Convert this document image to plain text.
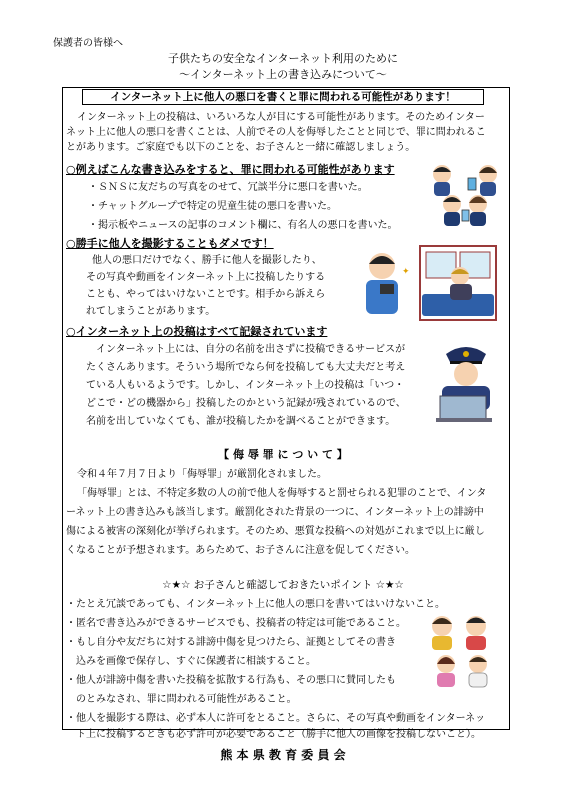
保護者の皆様へ
子供たちの安全なインターネット利用のために
～インターネット上の書き込みについて～
インターネット上に他人の悪口を書くと罪に問われる可能性があります！
インターネット上の投稿は、いろいろな人が目にする可能性があります。そのためインター
ネット上に他人の悪口を書くことは、人前でその人を侮辱したことと同じで、罪に問われるこ
とがあります。ご家庭でも以下のことを、お子さんと一緒に確認しましょう。
○例えばこんな書き込みをすると、罪に問われる可能性があります
・ＳＮＳに友だちの写真をのせて、冗談半分に悪口を書いた。
・チャットグループで特定の児童生徒の悪口を書いた。
・掲示板やニュースの記事のコメント欄に、有名人の悪口を書いた。
○勝手に他人を撮影することもダメです！
他人の悪口だけでなく、勝手に他人を撮影したり、
その写真や動画をインターネット上に投稿したりする
ことも、やってはいけないことです。相手から訴えら
れてしまうことがあります。
✦
○インターネット上の投稿はすべて記録されています
インターネット上には、自分の名前を出さずに投稿できるサービスが
たくさんあります。そういう場所でなら何を投稿しても大丈夫だと考え
ている人もいるようです。しかし、インターネット上の投稿は「いつ・
どこで・どの機器から」投稿したのかという記録が残されているので、
名前を出していなくても、誰が投稿したかを調べることができます。
【 侮 辱 罪 に つ い て 】
令和４年７月７日より「侮辱罪」が厳罰化されました。
「侮辱罪」とは、不特定多数の人の前で他人を侮辱すると罰せられる犯罪のことで、インタ
ーネット上の書き込みも該当します。厳罰化された背景の一つに、インターネット上の誹謗中
傷による被害の深刻化が挙げられます。そのため、悪質な投稿への対処がこれまで以上に厳し
くなることが予想されます。あらためて、お子さんに注意を促してください。
☆★☆ お子さんと確認しておきたいポイント ☆★☆
・たとえ冗談であっても、インターネット上に他人の悪口を書いてはいけないこと。
・匿名で書き込みができるサービスでも、投稿者の特定は可能であること。
・もし自分や友だちに対する誹謗中傷を見つけたら、証拠としてその書き
　込みを画像で保存し、すぐに保護者に相談すること。
・他人が誹謗中傷を書いた投稿を拡散する行為も、その悪口に賛同したも
　のとみなされ、罪に問われる可能性があること。
・他人を撮影する際は、必ず本人に許可をとること。さらに、その写真や動画をインターネッ
　ト上に投稿するときも必ず許可が必要であること（勝手に他人の画像を投稿しないこと）。
熊 本 県 教 育 委 員 会
